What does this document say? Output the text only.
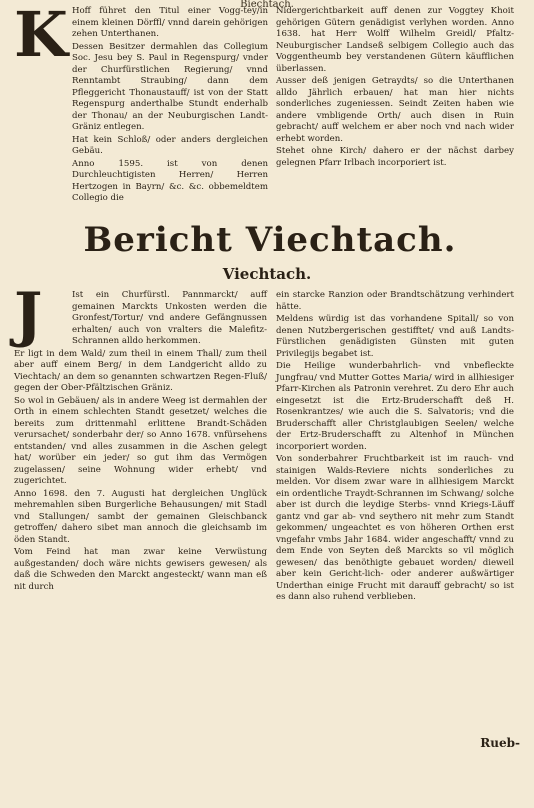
Biechtach.
K Hoff führet den Titul einer Vogg-tey/in einem kleinen Dörffl/ vnnd darein gehörigen zehen Unterthanen.

Dessen Besitzer dermahlen das Collegium Soc. Jesu bey S. Paul in Regenspurg/ vnder der Churfürstlichen Regierung/ vnnd Renntambt Straubing/ dann dem Pfleggericht Thonaustauff/ ist von der Statt Regenspurg anderthalbe Stundt enderhalb der Thonau/ an der Neuburgischen Landt-Gräniz entlegen.

Hat kein Schloß/ oder anders dergleichen Gebäu.

Anno 1595. ist von denen Durchleuchtigisten Herren/ Herren Hertzogen in Bayrn/ &c. &c. obbemeldtem Collegio die

Nidergerichtbarkeit auff denen zur Voggtey Khoit gehörigen Gütern genädigist verlyhen worden. Anno 1638. hat Herr Wolff Wilhelm Greidl/ Pfaltz-Neuburgischer Landseß selbigem Collegio auch das Voggentheumb bey verstandenen Gütern käufflichen überlassen.

Ausser deß jenigen Getraydts/ so die Unterthanen alldo Jährlich erbauen/ hat man hier nichts sonderliches zugeniessen. Seindt Zeiten haben wie andere vmbligende Orth/ auch disen in Ruin gebracht/ auff welchem er aber noch vnd nach wider erhebt worden.

Stehet ohne Kirch/ dahero er der nächst darbey gelegnen Pfarr Irlbach incorporiert ist.

Bericht Viechtach.
Viechtach.
J	Ist ein Churfürstl. Pannmarckt/ auff gemainen Marckts Unkosten werden die Gronfest/Tortur/ vnd andere Gefängnussen erhalten/ auch von vralters die Malefitz-Schrannen alldo herkommen.

Er ligt in dem Wald/ zum theil in einem Thall/ zum theil aber auff einem Berg/ in dem Landgericht alldo zu Viechtach/ an dem so genannten schwartzen Regen-Fluß/ gegen der Ober-Pfältzischen Gräniz.

So wol in Gebäuen/ als in andere Weeg ist dermahlen der Orth in einem schlechten Standt gesetzet/ welches die bereits zum drittenmahl erlittene Brandt-Schäden verursachet/ sonderbahr der/ so Anno 1678. vnfürsehens entstanden/ vnd alles zusammen in die Aschen gelegt hat/ worüber ein jeder/ so gut ihm das Vermögen zugelassen/ seine Wohnung wider erhebt/ vnd zugerichtet.

Anno 1698. den 7. Augusti hat dergleichen Unglück mehremahlen siben Burgerliche Behausungen/ mit Stadl vnd Stallungen/ sambt der gemainen Gleischbanck getroffen/ dahero sibet man annoch die gleichsamb im öden Standt.

Vom Feind hat man zwar keine Verwüstung außgestanden/ doch wäre nichts gewisers gewesen/ als daß die Schweden den Marckt angesteckt/ wann man eß nit durch

ein starcke Ranzion oder Brandtschätzung verhindert hätte.

Meldens würdig ist das vorhandene Spitall/ so von denen Nutzbergerischen gestifftet/ vnd auß Landts-Fürstlichen genädigisten Günsten mit guten Privilegijs begabet ist.

Die Heilige wunderbahrlich- vnd vnbefleckte Jungfrau/ vnd Mutter Gottes Maria/ wird in allhiesiger Pfarr-Kirchen als Patronin verehret. Zu dero Ehr auch eingesetzt ist die Ertz-Bruderschafft deß H. Rosenkrantzes/ wie auch die S. Salvatoris; vnd die Bruderschafft aller Christglaubigen Seelen/ welche der Ertz-Bruderschafft zu Altenhof in München incorporiert worden.

Von sonderbahrer Fruchtbarkeit ist im rauch- vnd stainigen Walds-Reviere nichts sonderliches zu melden. Vor disem zwar ware in allhiesigem Marckt ein ordentliche Traydt-Schrannen im Schwang/ solche aber ist durch die leydige Sterbs- vnnd Kriegs-Läuff gantz vnd gar ab- vnd seythero nit mehr zum Standt gekommen/ ungeachtet es von höheren Orthen erst vngefahr vmbs Jahr 1684. wider angeschafft/ vnnd zu dem Ende von Seyten deß Marckts so vil möglich gewesen/ das benöthigte gebauet worden/ dieweil aber kein Gericht-lich- oder anderer außwärtiger Underthan einige Frucht mit darauff gebracht/ so ist es dann also ruhend verblieben.

Rueb-
